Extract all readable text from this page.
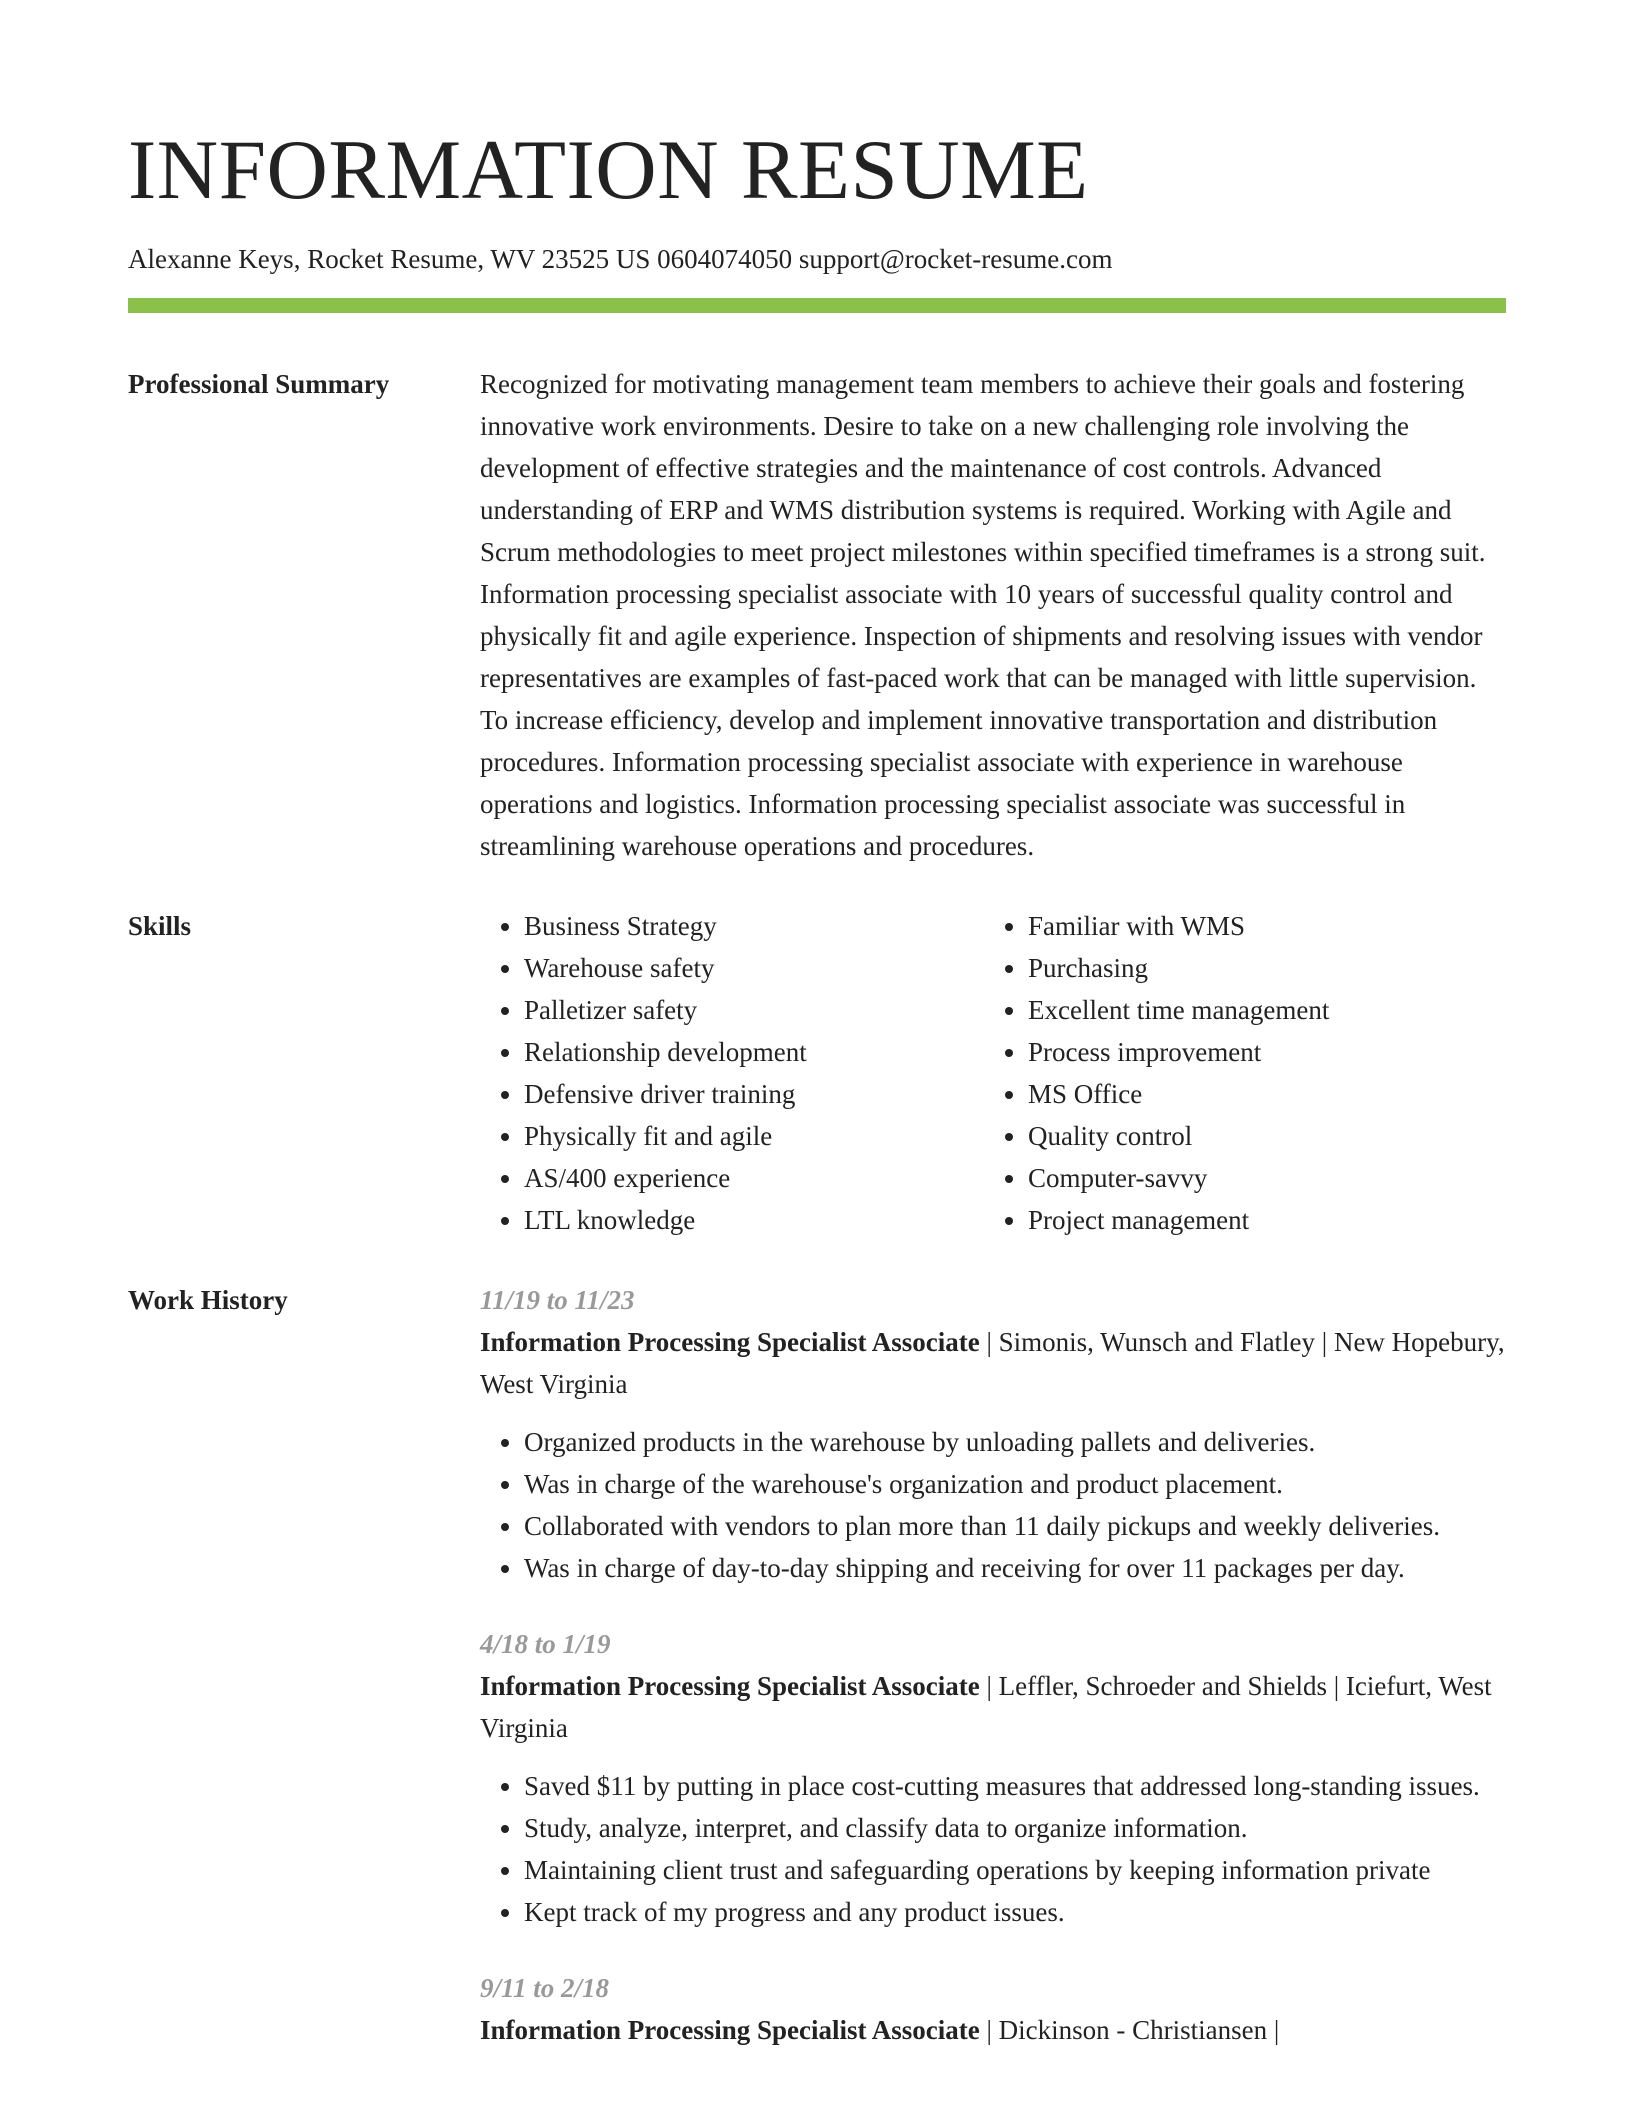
INFORMATION RESUME
Alexanne Keys, Rocket Resume, WV 23525 US 0604074050 support@rocket-resume.com
Professional Summary	Recognized for motivating management team members to achieve their goals and fostering innovative work environments. Desire to take on a new challenging role involving the development of effective strategies and the maintenance of cost controls. Advanced understanding of ERP and WMS distribution systems is required. Working with Agile and Scrum methodologies to meet project milestones within specified timeframes is a strong suit. Information processing specialist associate with 10 years of successful quality control and physically fit and agile experience. Inspection of shipments and resolving issues with vendor representatives are examples of fast-paced work that can be managed with little supervision. To increase efficiency, develop and implement innovative transportation and distribution procedures. Information processing specialist associate with experience in warehouse operations and logistics. Information processing specialist associate was successful in streamlining warehouse operations and procedures.
Skills
•	Business Strategy
• Warehouse safety
• Palletizer safety
• Relationship development
• Defensive driver training
• Physically fit and agile
• AS/400 experience
• LTL knowledge
• Familiar with WMS
• Purchasing
• Excellent time management
• Process improvement
• MS Office
• Quality control
• Computer-savvy
• Project management
Work History	11/19 to 11/23
Information Processing Specialist Associate | Simonis, Wunsch and Flatley | New Hopebury, West Virginia
• Organized products in the warehouse by unloading pallets and deliveries.
• Was in charge of the warehouse's organization and product placement.
• Collaborated with vendors to plan more than 11 daily pickups and weekly deliveries.
• Was in charge of day-to-day shipping and receiving for over 11 packages per day.
4/18 to 1/19
Information Processing Specialist Associate | Leffler, Schroeder and Shields | Iciefurt, West Virginia
• Saved $11 by putting in place cost-cutting measures that addressed long-standing issues.
• Study, analyze, interpret, and classify data to organize information.
• Maintaining client trust and safeguarding operations by keeping information private
• Kept track of my progress and any product issues.
9/11 to 2/18
Information Processing Specialist Associate | Dickinson - Christiansen |
